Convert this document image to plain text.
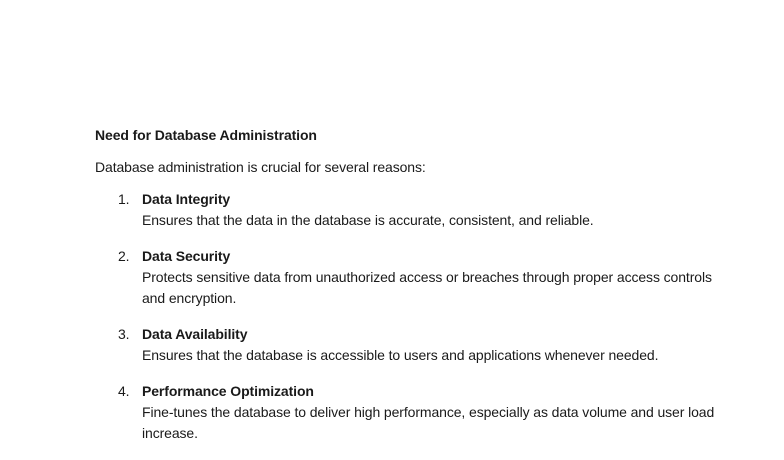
Need for Database Administration

Database administration is crucial for several reasons:

1. Data Integrity
Ensures that the data in the database is accurate, consistent, and reliable.
2. Data Security
Protects sensitive data from unauthorized access or breaches through proper access controls and encryption.
3. Data Availability
Ensures that the database is accessible to users and applications whenever needed.
4. Performance Optimization
Fine-tunes the database to deliver high performance, especially as data volume and user load increase.
